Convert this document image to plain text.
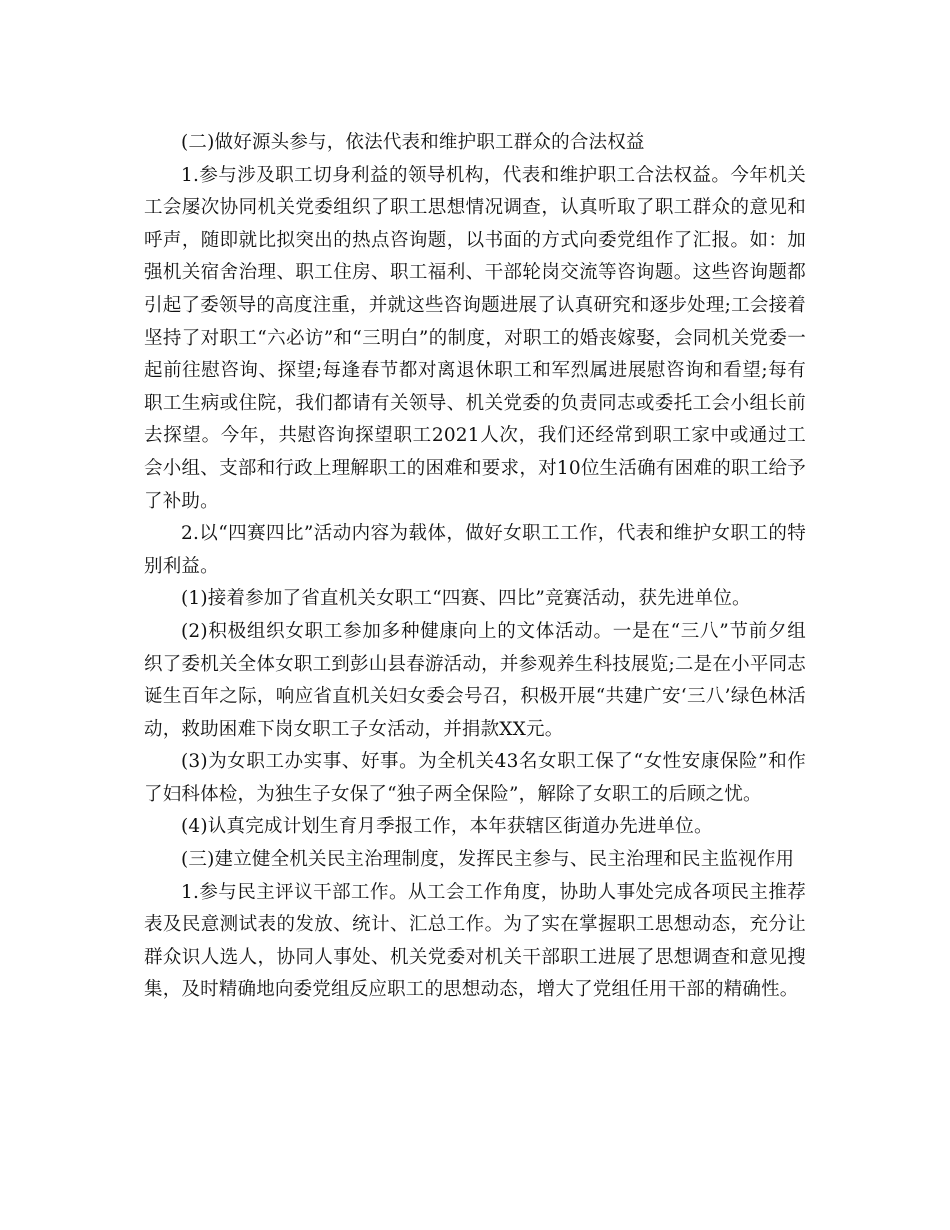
(二)做好源头参与，依法代表和维护职工群众的合法权益

1.参与涉及职工切身利益的领导机构，代表和维护职工合法权益。今年机关工会屡次协同机关党委组织了职工思想情况调查，认真听取了职工群众的意见和呼声，随即就比拟突出的热点咨询题，以书面的方式向委党组作了汇报。如：加强机关宿舍治理、职工住房、职工福利、干部轮岗交流等咨询题。这些咨询题都引起了委领导的高度注重，并就这些咨询题进展了认真研究和逐步处理;工会接着坚持了对职工“六必访”和“三明白”的制度，对职工的婚丧嫁娶，会同机关党委一起前往慰咨询、探望;每逢春节都对离退休职工和军烈属进展慰咨询和看望;每有职工生病或住院，我们都请有关领导、机关党委的负责同志或委托工会小组长前去探望。今年，共慰咨询探望职工2021人次，我们还经常到职工家中或通过工会小组、支部和行政上理解职工的困难和要求，对10位生活确有困难的职工给予了补助。

2.以“四赛四比”活动内容为载体，做好女职工工作，代表和维护女职工的特别利益。

(1)接着参加了省直机关女职工“四赛、四比”竞赛活动，获先进单位。

(2)积极组织女职工参加多种健康向上的文体活动。一是在“三八”节前夕组织了委机关全体女职工到彭山县春游活动，并参观养生科技展览;二是在小平同志诞生百年之际，响应省直机关妇女委会号召，积极开展“共建广安‘三八’绿色林活动，救助困难下岗女职工子女活动，并捐款XX元。

(3)为女职工办实事、好事。为全机关43名女职工保了“女性安康保险”和作了妇科体检，为独生子女保了“独子两全保险”，解除了女职工的后顾之忧。

(4)认真完成计划生育月季报工作，本年获辖区街道办先进单位。

(三)建立健全机关民主治理制度，发挥民主参与、民主治理和民主监视作用

1.参与民主评议干部工作。从工会工作角度，协助人事处完成各项民主推荐表及民意测试表的发放、统计、汇总工作。为了实在掌握职工思想动态，充分让群众识人选人，协同人事处、机关党委对机关干部职工进展了思想调查和意见搜集，及时精确地向委党组反应职工的思想动态，增大了党组任用干部的精确性。
